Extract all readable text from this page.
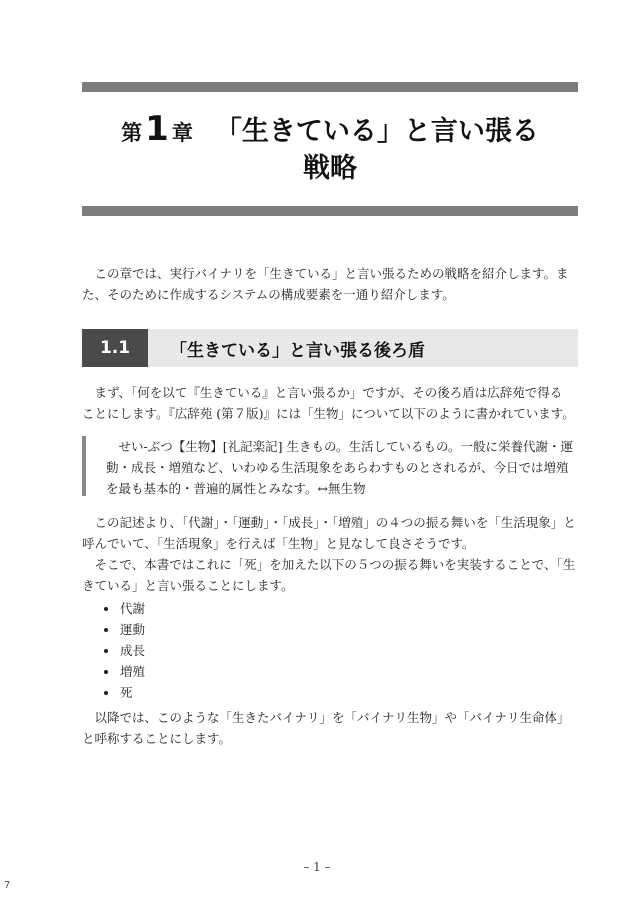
第1 章 「生きている」と言い張る
戦略
この章では、実行バイナリを「生きている」と言い張るための戦略を紹介します。ま
た、そのために作成するシステムの構成要素を一通り紹介します。
1.1	「生きている」と言い張る後ろ盾
まず、「何を以て『生きている』と言い張るか」ですが、その後ろ盾は広辞苑で得る
ことにします。『広辞苑 (第７版)』には「生物」について以下のように書かれています。
せい-ぶつ【生物】[礼記楽記] 生きもの。生活しているもの。一般に栄養代謝・運
動・成長・増殖など、いわゆる生活現象をあらわすものとされるが、今日では増殖
を最も基本的・普遍的属性とみなす。↔無生物
この記述より、「代謝」・「運動」・「成長」・「増殖」の４つの振る舞いを「生活現象」と
呼んでいて、「生活現象」を行えば「生物」と見なして良さそうです。
そこで、本書ではこれに「死」を加えた以下の５つの振る舞いを実装することで、「生
きている」と言い張ることにします。
代謝
運動
成長
増殖
死
以降では、このような「生きたバイナリ」を「バイナリ生物」や「バイナリ生命体」
と呼称することにします。
– 1 –
7
